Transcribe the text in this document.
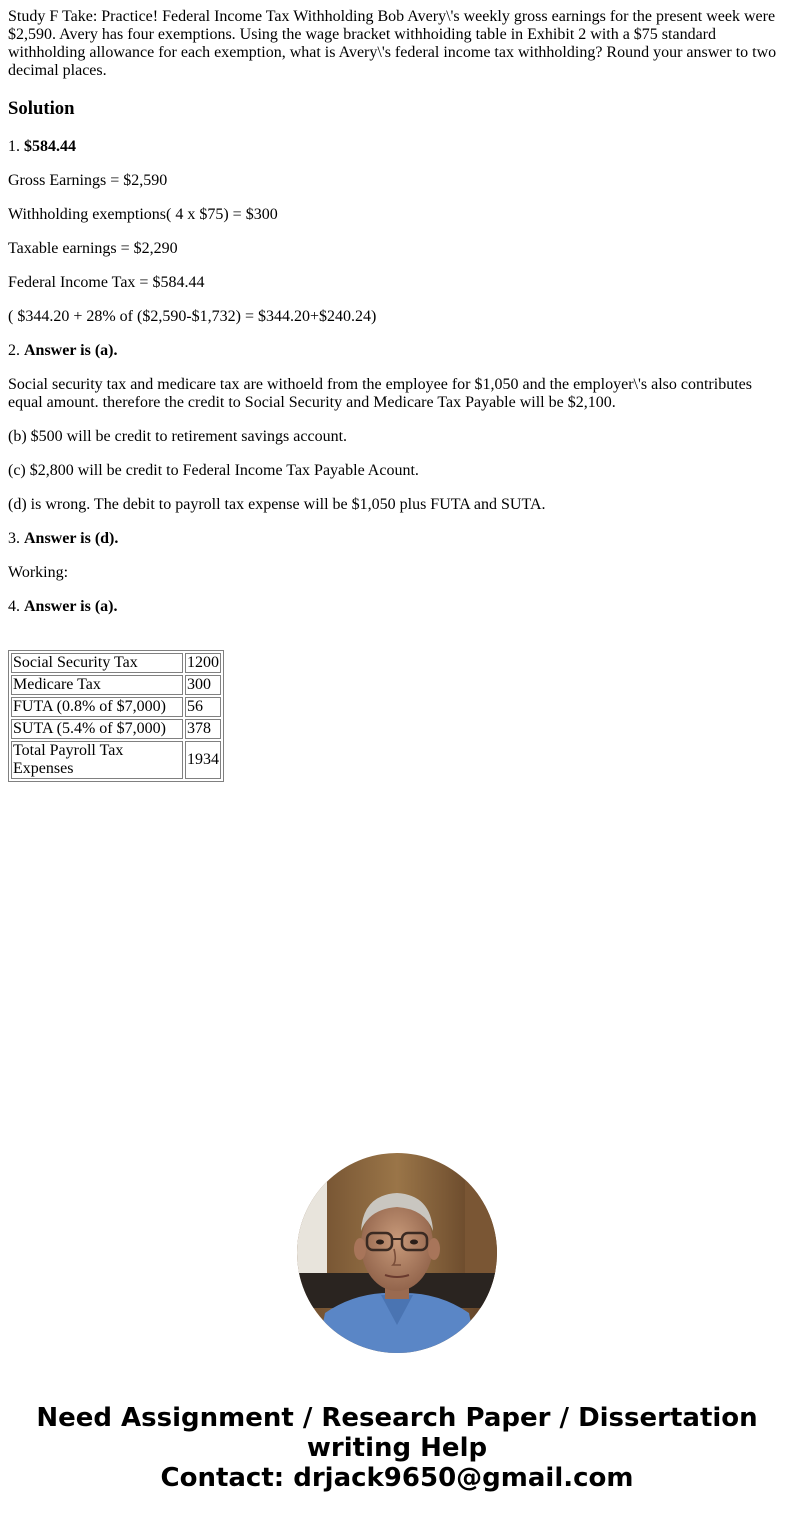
Study F Take: Practice! Federal Income Tax Withholding Bob Avery\'s weekly gross earnings for the present week were $2,590. Avery has four exemptions. Using the wage bracket withhoiding table in Exhibit 2 with a $75 standard withholding allowance for each exemption, what is Avery\'s federal income tax withholding? Round your answer to two decimal places.
Solution

1. $584.44

Gross Earnings = $2,590

Withholding exemptions( 4 x $75) = $300

Taxable earnings = $2,290

Federal Income Tax = $584.44

( $344.20 + 28% of ($2,590-$1,732) = $344.20+$240.24)

2. Answer is (a).

Social security tax and medicare tax are withoeld from the employee for $1,050 and the employer\'s also contributes equal amount. therefore the credit to Social Security and Medicare Tax Payable will be $2,100.

(b) $500 will be credit to retirement savings account.

(c) $2,800 will be credit to Federal Income Tax Payable Acount.

(d) is wrong. The debit to payroll tax expense will be $1,050 plus FUTA and SUTA.

3. Answer is (d).

Working:

4. Answer is (a).

Social Security Tax	1200
Medicare Tax	300
FUTA (0.8% of $7,000)	56
SUTA (5.4% of $7,000)	378
Total Payroll Tax Expenses	1934
Need Assignment / Research Paper / Dissertation
writing Help
Contact: drjack9650@gmail.com
